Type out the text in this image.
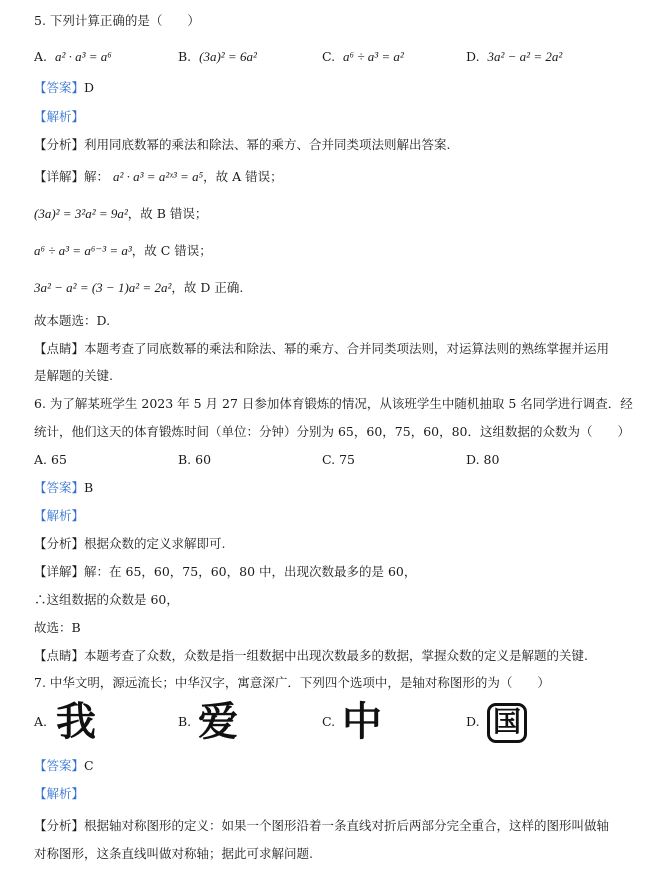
5. 下列计算正确的是（　　）
A. a² · a³ = a⁶	B. (3a)² = 6a²	C. a⁶ ÷ a³ = a²	D. 3a² − a² = 2a²
【答案】D
【解析】
【分析】利用同底数幂的乘法和除法、幂的乘方、合并同类项法则解出答案.
【详解】解： a² · a³ = a²ˣ³ = a⁵，故 A 错误；
(3a)² = 3²a² = 9a²，故 B 错误；
a⁶ ÷ a³ = a⁶⁻³ = a³，故 C 错误；
3a² − a² = (3 − 1)a² = 2a²，故 D 正确.
故本题选：D.
【点睛】本题考查了同底数幂的乘法和除法、幂的乘方、合并同类项法则，对运算法则的熟练掌握并运用
是解题的关键.
6. 为了解某班学生 2023 年 5 月 27 日参加体育锻炼的情况，从该班学生中随机抽取 5 名同学进行调查．经
统计，他们这天的体育锻炼时间（单位：分钟）分别为 65，60，75，60，80．这组数据的众数为（　　）
A. 65	B. 60	C. 75	D. 80
【答案】B
【解析】
【分析】根据众数的定义求解即可.
【详解】解：在 65，60，75，60，80 中，出现次数最多的是 60，
∴这组数据的众数是 60，
故选：B
【点睛】本题考查了众数，众数是指一组数据中出现次数最多的数据，掌握众数的定义是解题的关键.
7. 中华文明，源远流长；中华汉字，寓意深广．下列四个选项中，是轴对称图形的为（　　）
A. 我	B. 爱	C. 中	D. 国
【答案】C
【解析】
【分析】根据轴对称图形的定义：如果一个图形沿着一条直线对折后两部分完全重合，这样的图形叫做轴
对称图形，这条直线叫做对称轴；据此可求解问题.
